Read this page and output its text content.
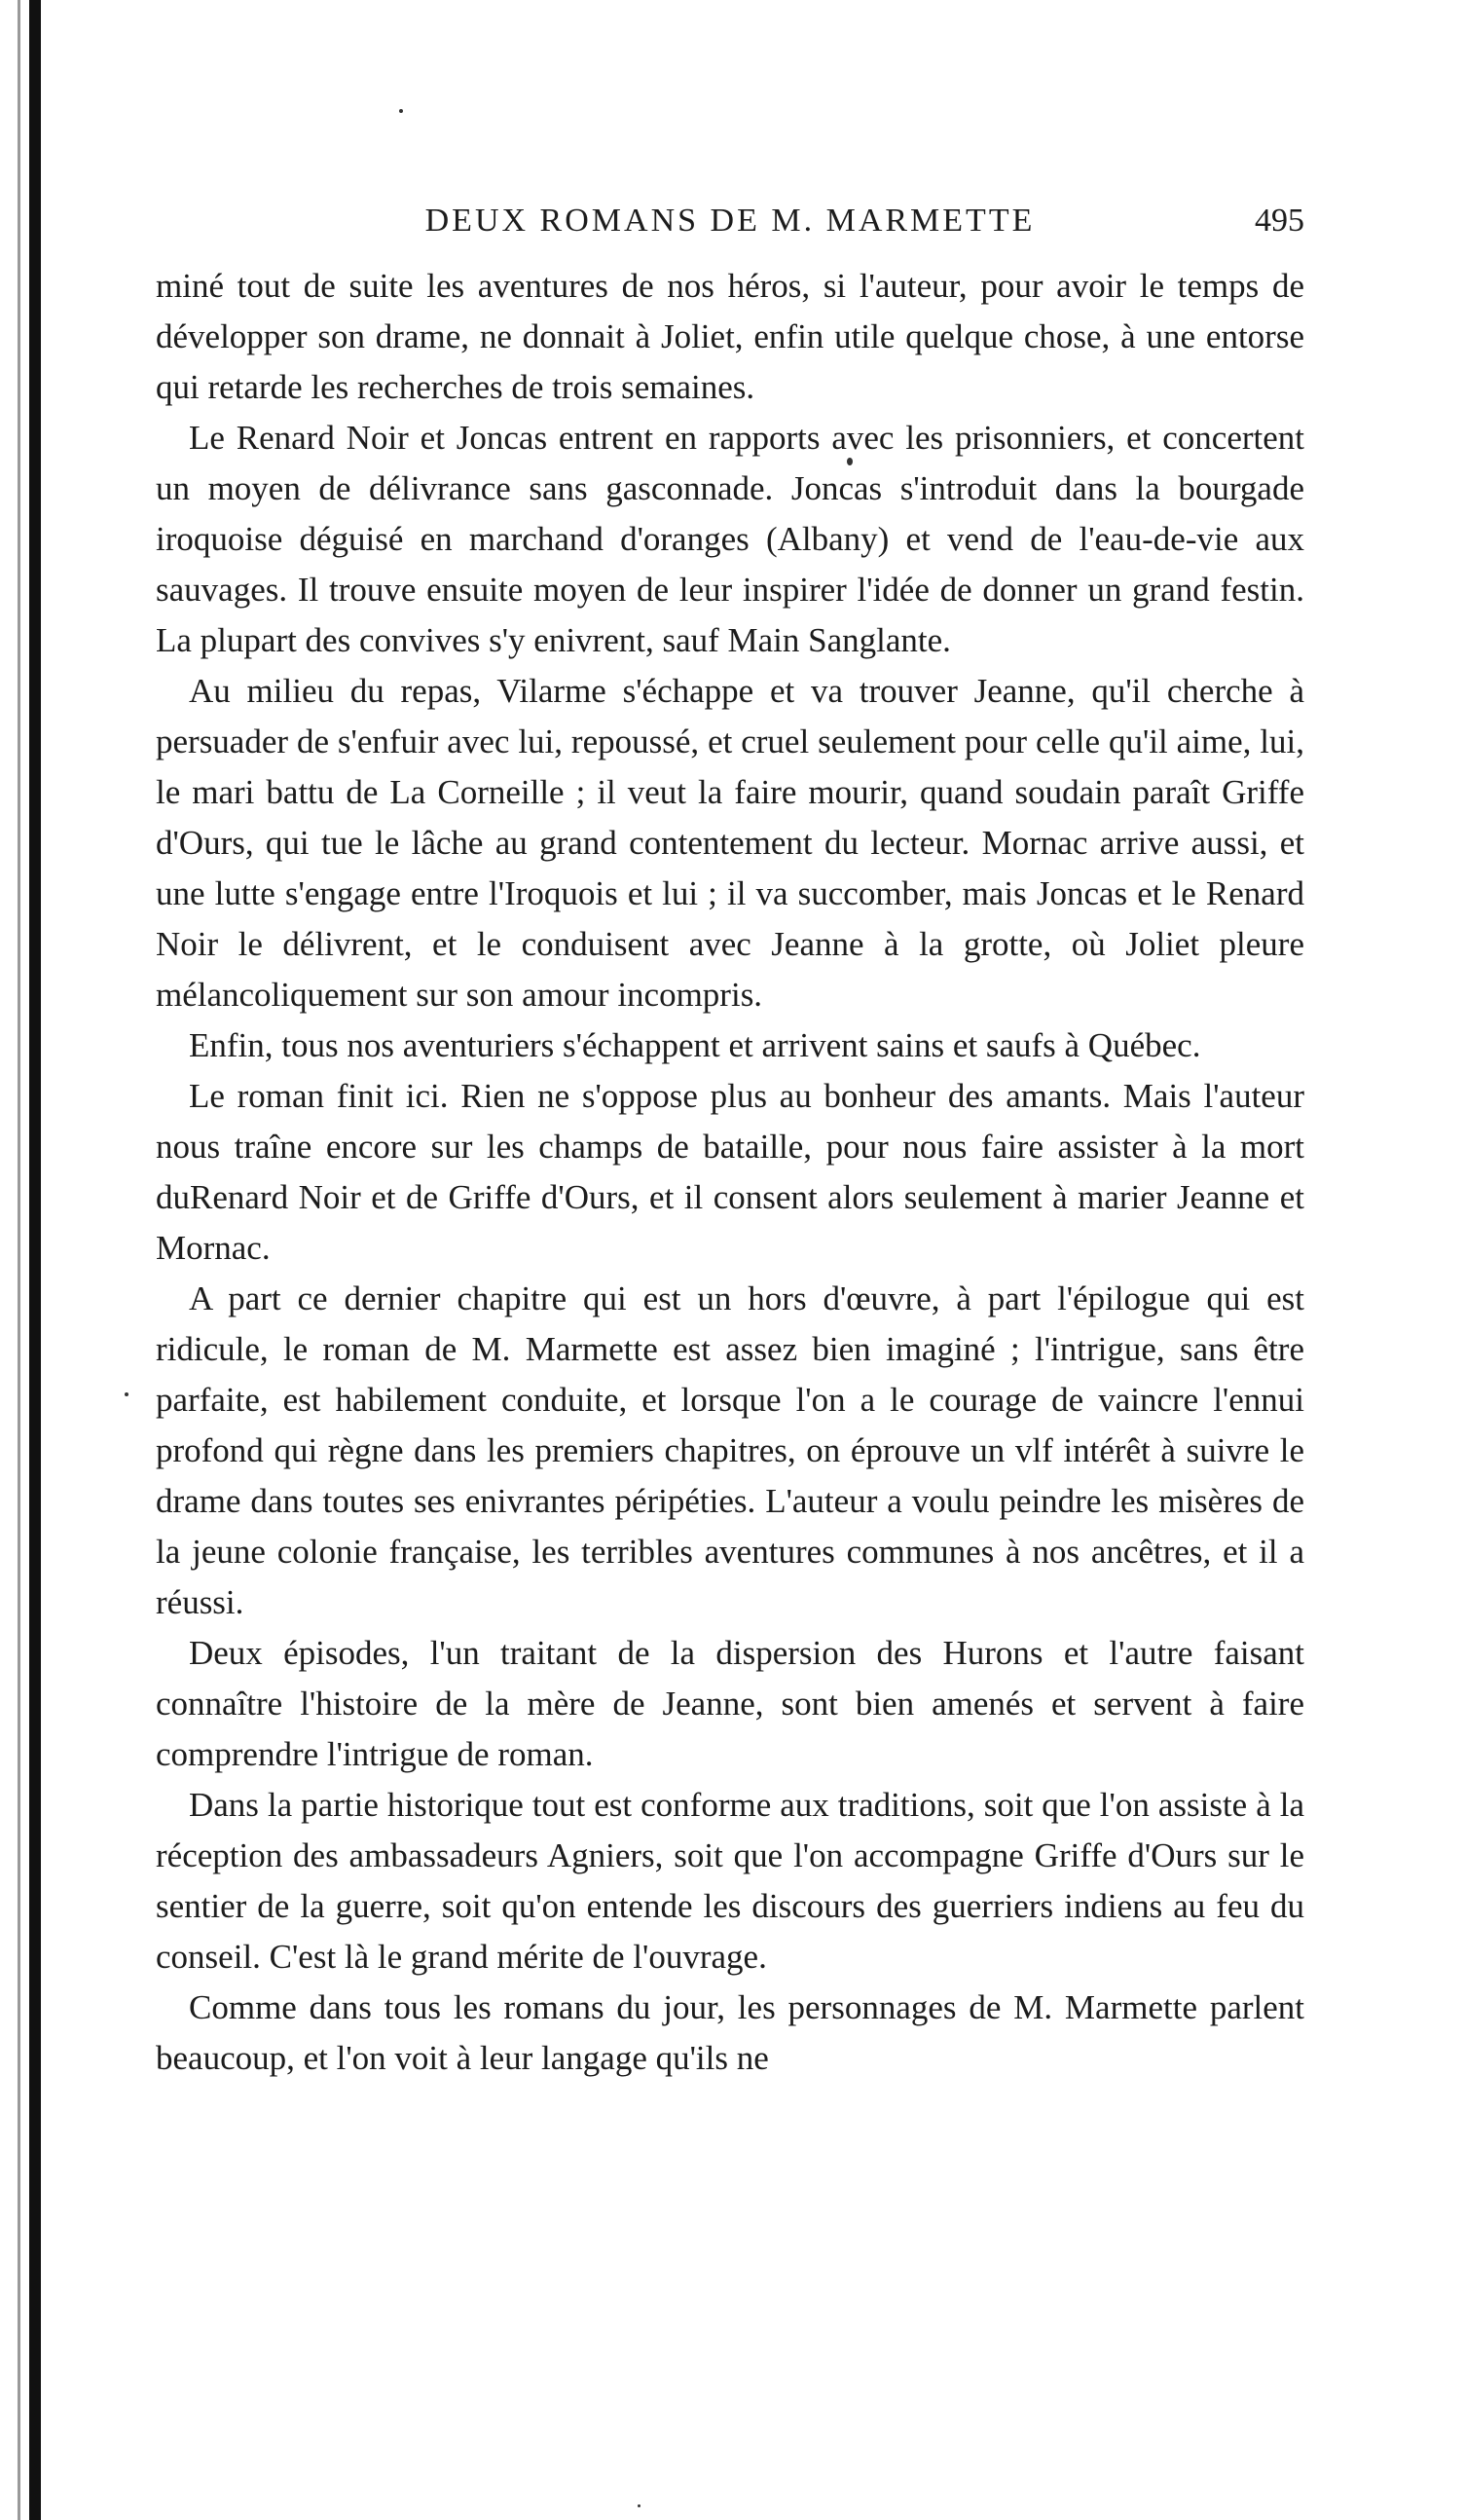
DEUX ROMANS DE M. MARMETTE	495

miné tout de suite les aventures de nos héros, si l'auteur, pour avoir le temps de développer son drame, ne donnait à Joliet, enfin utile quelque chose, à une entorse qui retarde les recherches de trois semaines.

Le Renard Noir et Joncas entrent en rapports avec les prisonniers, et concertent un moyen de délivrance sans gasconnade. Joncas s'introduit dans la bourgade iroquoise déguisé en marchand d'oranges (Albany) et vend de l'eau-de-vie aux sauvages. Il trouve ensuite moyen de leur inspirer l'idée de donner un grand festin. La plupart des convives s'y enivrent, sauf Main Sanglante.

Au milieu du repas, Vilarme s'échappe et va trouver Jeanne, qu'il cherche à persuader de s'enfuir avec lui, repoussé, et cruel seulement pour celle qu'il aime, lui, le mari battu de La Corneille ; il veut la faire mourir, quand soudain paraît Griffe d'Ours, qui tue le lâche au grand contentement du lecteur. Mornac arrive aussi, et une lutte s'engage entre l'Iroquois et lui ; il va succomber, mais Joncas et le Renard Noir le délivrent, et le conduisent avec Jeanne à la grotte, où Joliet pleure mélancoliquement sur son amour incompris.

Enfin, tous nos aventuriers s'échappent et arrivent sains et saufs à Québec.

Le roman finit ici. Rien ne s'oppose plus au bonheur des amants. Mais l'auteur nous traîne encore sur les champs de bataille, pour nous faire assister à la mort duRenard Noir et de Griffe d'Ours, et il consent alors seulement à marier Jeanne et Mornac.

A part ce dernier chapitre qui est un hors d'œuvre, à part l'épilogue qui est ridicule, le roman de M. Marmette est assez bien imaginé ; l'intrigue, sans être parfaite, est habilement conduite, et lorsque l'on a le courage de vaincre l'ennui profond qui règne dans les premiers chapitres, on éprouve un vlf intérêt à suivre le drame dans toutes ses enivrantes péripéties. L'auteur a voulu peindre les misères de la jeune colonie française, les terribles aventures communes à nos ancêtres, et il a réussi.

Deux épisodes, l'un traitant de la dispersion des Hurons et l'autre faisant connaître l'histoire de la mère de Jeanne, sont bien amenés et servent à faire comprendre l'intrigue de roman.

Dans la partie historique tout est conforme aux traditions, soit que l'on assiste à la réception des ambassadeurs Agniers, soit que l'on accompagne Griffe d'Ours sur le sentier de la guerre, soit qu'on entende les discours des guerriers indiens au feu du conseil. C'est là le grand mérite de l'ouvrage.

Comme dans tous les romans du jour, les personnages de M. Marmette parlent beaucoup, et l'on voit à leur langage qu'ils ne
